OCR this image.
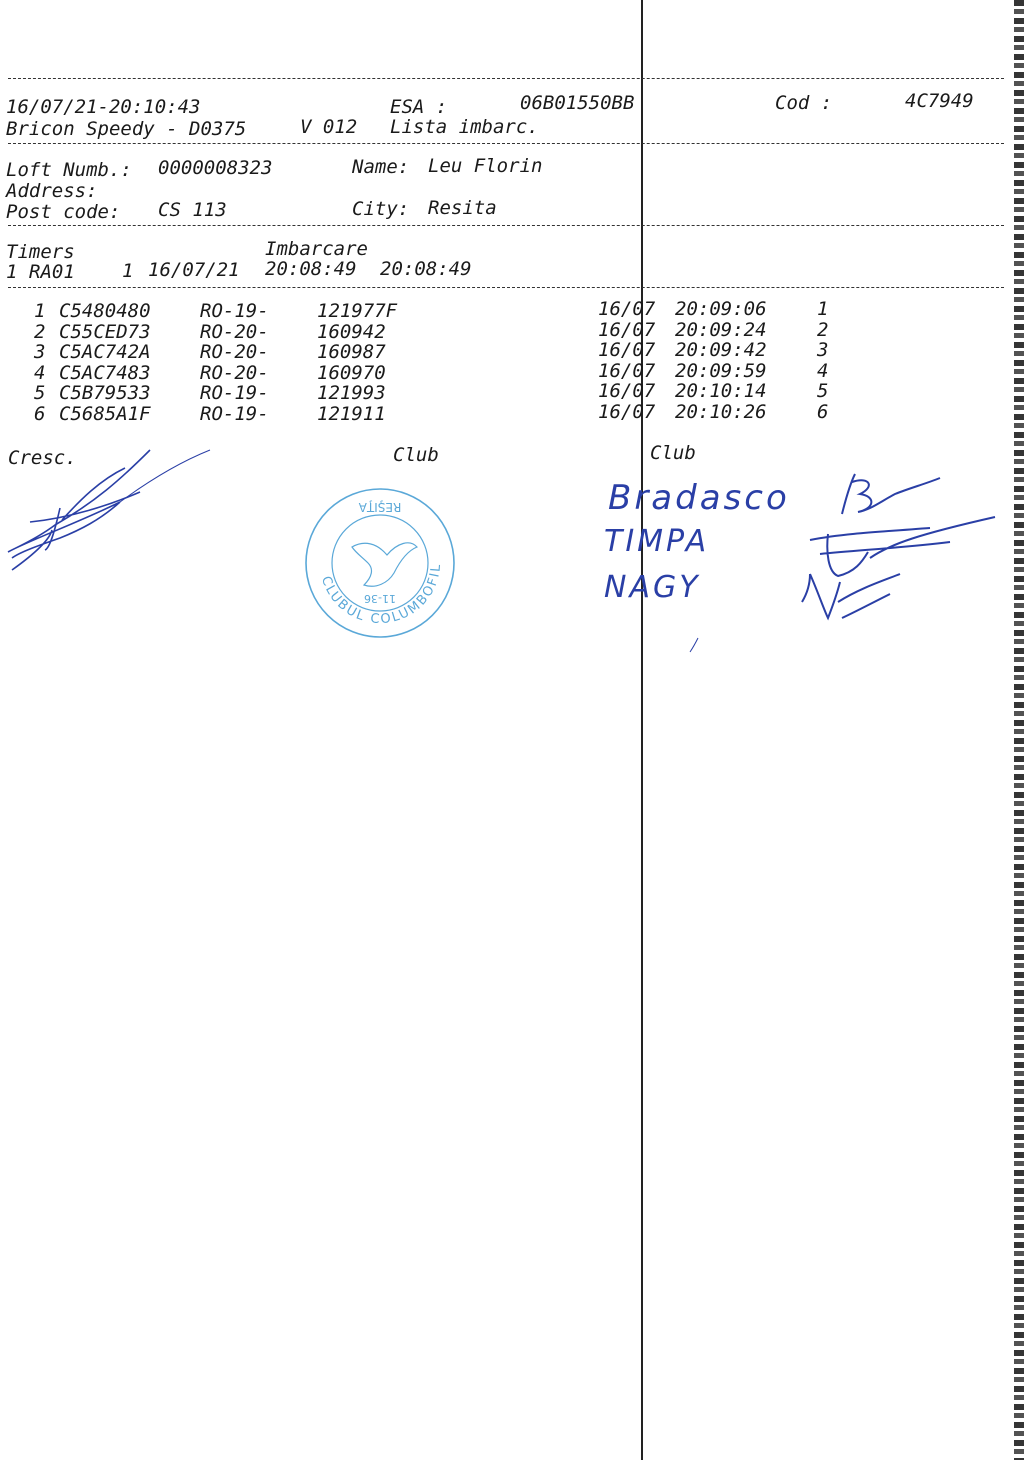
16/07/21-20:10:43	ESA :	06B01550BB	Cod :	4C7949
Bricon Speedy - D0375	V 012 Lista imbarc.
Loft Numb.: 0000008323	Name: Leu Florin
Address:
Post code: CS 113	City: Resita
Timers	Imbarcare
1 RA01 1 16/07/21 20:08:49 20:08:49
1 C5480480	RO-19-	121977F	16/07 20:09:06	1
2 C55CED73	RO-20-	160942	16/07 20:09:24	2
3 C5AC742A	RO-20-	160987	16/07 20:09:42	3
4 C5AC7483	RO-20-	160970	16/07 20:09:59	4
5 C5B79533	RO-19-	121993	16/07 20:10:14	5
6 C5685A1F	RO-19-	121911	16/07 20:10:26	6
Cresc.	Club	Club
CLUBUL COLUMBOFIL
REŞIŢA
11-36
Bradasco
TIMPA
NAGY
